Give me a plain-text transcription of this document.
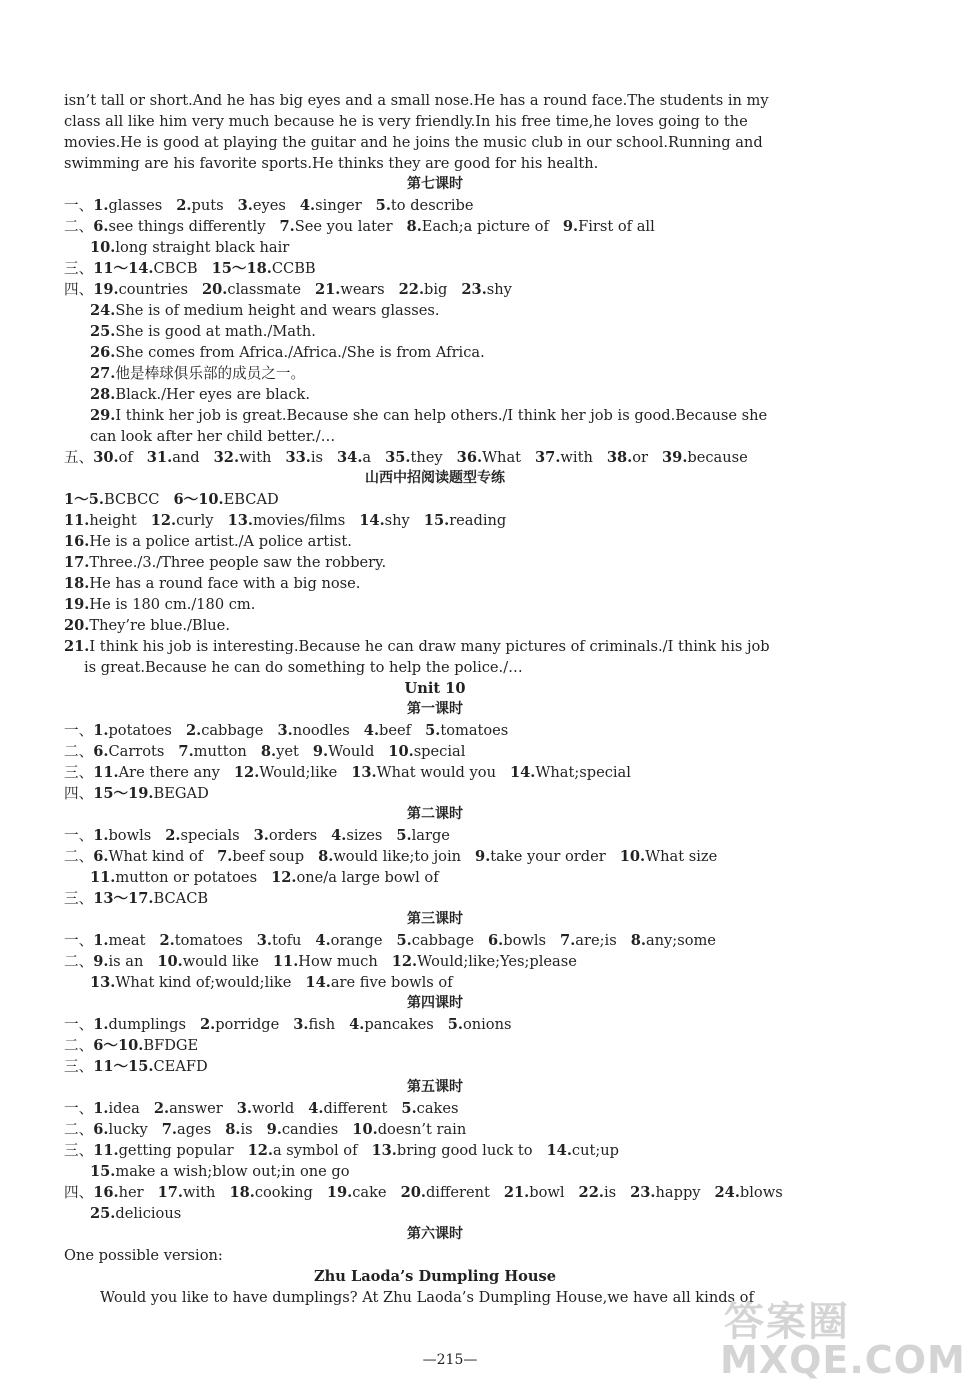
isn’t tall or short.And he has big eyes and a small nose.He has a round face.The students in my
class all like him very much because he is very friendly.In his free time,he loves going to the
movies.He is good at playing the guitar and he joins the music club in our school.Running and
swimming are his favorite sports.He thinks they are good for his health.
第七课时
一、1.glasses 2.puts 3.eyes 4.singer 5.to describe
二、6.see things differently 7.See you later 8.Each;a picture of 9.First of all
10.long straight black hair
三、11～14.CBCB 15～18.CCBB
四、19.countries 20.classmate 21.wears 22.big 23.shy
24.She is of medium height and wears glasses.
25.She is good at math./Math.
26.She comes from Africa./Africa./She is from Africa.
27.他是棒球俱乐部的成员之一。
28.Black./Her eyes are black.
29.I think her job is great.Because she can help others./I think her job is good.Because she
can look after her child better./…
五、30.of 31.and 32.with 33.is 34.a 35.they 36.What 37.with 38.or 39.because
山西中招阅读题型专练
1～5.BCBCC 6～10.EBCAD
11.height 12.curly 13.movies/films 14.shy 15.reading
16.He is a police artist./A police artist.
17.Three./3./Three people saw the robbery.
18.He has a round face with a big nose.
19.He is 180 cm./180 cm.
20.They’re blue./Blue.
21.I think his job is interesting.Because he can draw many pictures of criminals./I think his job
is great.Because he can do something to help the police./…
Unit 10
第一课时
一、1.potatoes 2.cabbage 3.noodles 4.beef 5.tomatoes
二、6.Carrots 7.mutton 8.yet 9.Would 10.special
三、11.Are there any 12.Would;like 13.What would you 14.What;special
四、15～19.BEGAD
第二课时
一、1.bowls 2.specials 3.orders 4.sizes 5.large
二、6.What kind of 7.beef soup 8.would like;to join 9.take your order 10.What size
11.mutton or potatoes 12.one/a large bowl of
三、13～17.BCACB
第三课时
一、1.meat 2.tomatoes 3.tofu 4.orange 5.cabbage 6.bowls 7.are;is 8.any;some
二、9.is an 10.would like 11.How much 12.Would;like;Yes;please
13.What kind of;would;like 14.are five bowls of
第四课时
一、1.dumplings 2.porridge 3.fish 4.pancakes 5.onions
二、6～10.BFDGE
三、11～15.CEAFD
第五课时
一、1.idea 2.answer 3.world 4.different 5.cakes
二、6.lucky 7.ages 8.is 9.candies 10.doesn’t rain
三、11.getting popular 12.a symbol of 13.bring good luck to 14.cut;up
15.make a wish;blow out;in one go
四、16.her 17.with 18.cooking 19.cake 20.different 21.bowl 22.is 23.happy 24.blows
25.delicious
第六课时
One possible version:
Zhu Laoda’s Dumpling House
Would you like to have dumplings? At Zhu Laoda’s Dumpling House,we have all kinds of
—215—
答案圈
MXQE.COM
